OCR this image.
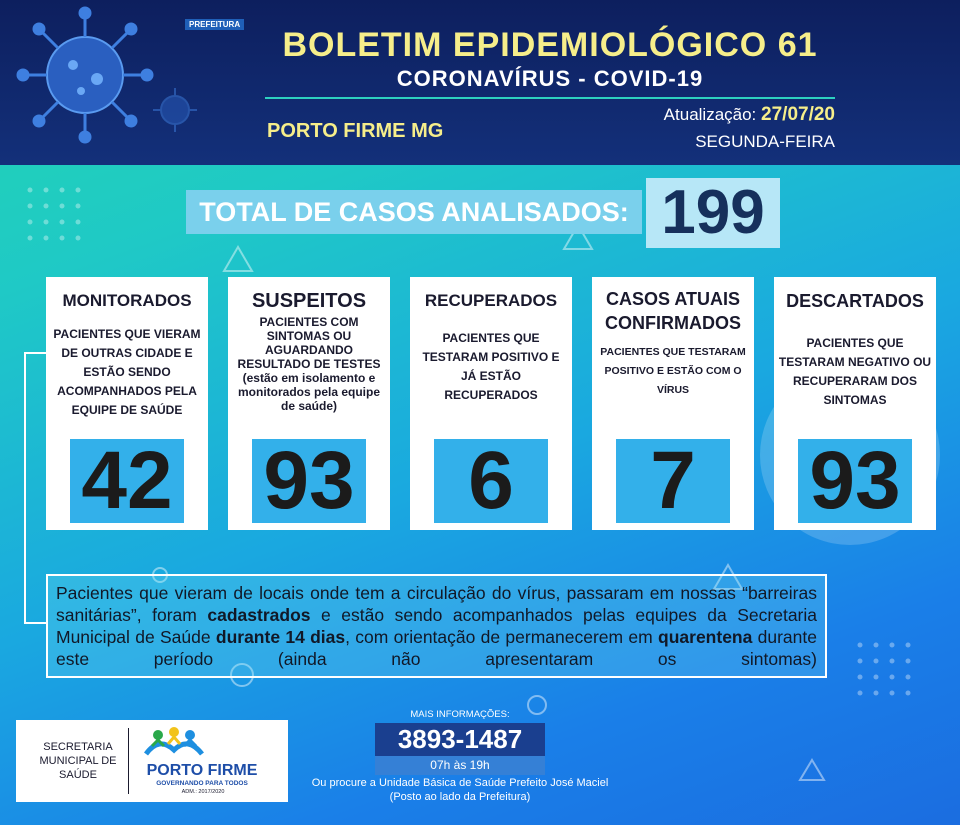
BOLETIM EPIDEMIOLÓGICO 61
CORONAVÍRUS - COVID-19
PORTO FIRME MG
Atualização: 27/07/20
SEGUNDA-FEIRA
TOTAL DE CASOS ANALISADOS: 199
MONITORADOS
PACIENTES QUE VIERAM DE OUTRAS CIDADE E ESTÃO SENDO ACOMPANHADOS PELA EQUIPE DE SAÚDE
42
SUSPEITOS
PACIENTES COM SINTOMAS OU AGUARDANDO RESULTADO DE TESTES (estão em isolamento e monitorados pela equipe de saúde)
93
RECUPERADOS
PACIENTES QUE TESTARAM POSITIVO E JÁ ESTÃO RECUPERADOS
6
CASOS ATUAIS CONFIRMADOS
PACIENTES QUE TESTARAM POSITIVO E ESTÃO COM O VÍRUS
7
DESCARTADOS
PACIENTES QUE TESTARAM NEGATIVO OU RECUPERARAM DOS SINTOMAS
93
Pacientes que vieram de locais onde tem a circulação do vírus, passaram em nossas “barreiras sanitárias”, foram cadastrados e estão sendo acompanhados pelas equipes da Secretaria Municipal de Saúde durante 14 dias, com orientação de permanecerem em quarentena durante este período (ainda não apresentaram os sintomas)
SECRETARIA MUNICIPAL DE SAÚDE
PREFEITURA
PORTO FIRME
GOVERNANDO PARA TODOS
ADM.: 2017/2020
MAIS INFORMAÇÕES:
3893-1487
07h às 19h
Ou procure a Unidade Básica de Saúde Prefeito José Maciel (Posto ao lado da Prefeitura)
